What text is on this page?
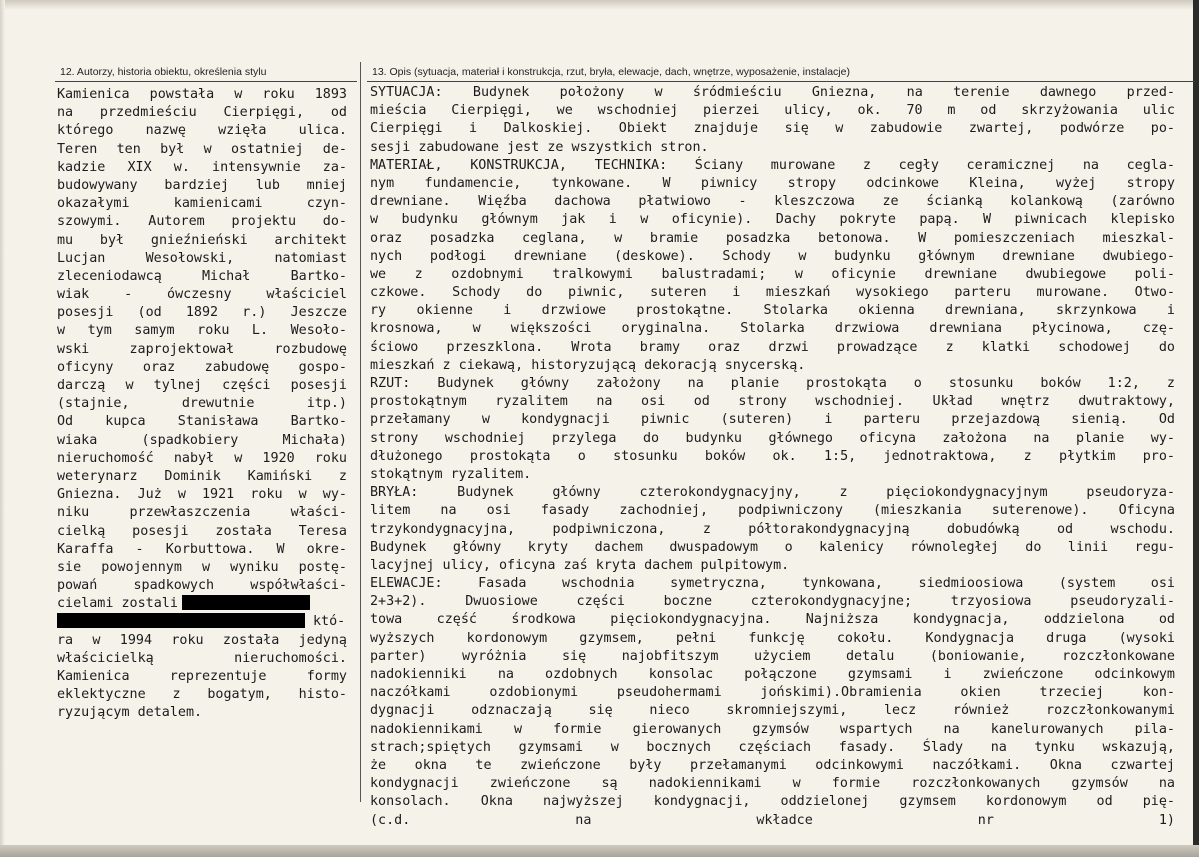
12. Autorzy, historia obiektu, określenia stylu	13. Opis (sytuacja, materiał i konstrukcja, rzut, bryła, elewacje, dach, wnętrze, wyposażenie, instalacje)
Kamienica powstała w roku 1893
na przedmieściu Cierpięgi, od
którego nazwę wzięła ulica.
Teren ten był w ostatniej de-
kadzie XIX w. intensywnie za-
budowywany bardziej lub mniej
okazałymi kamienicami czyn-
szowymi. Autorem projektu do-
mu był gnieźnieński architekt
Lucjan Wesołowski, natomiast
zleceniodawcą Michał Bartko-
wiak - ówczesny właściciel
posesji (od 1892 r.) Jeszcze
w tym samym roku L. Wesoło-
wski zaprojektował rozbudowę
oficyny oraz zabudowę gospo-
darczą w tylnej części posesji
(stajnie, drewutnie itp.)
Od kupca Stanisława Bartko-
wiaka (spadkobiery Michała)
nieruchomość nabył w 1920 roku
weterynarz Dominik Kamiński z
Gniezna. Już w 1921 roku w wy-
niku przewłaszczenia właści-
cielką posesji została Teresa
Karaffa - Korbuttowa. W okre-
sie powojennym w wyniku postę-
powań spadkowych współwłaści-
cielami zostali
któ-
ra w 1994 roku została jedyną
właścicielką nieruchomości.
Kamienica reprezentuje formy
eklektyczne z bogatym, histo-
ryzującym detalem.
SYTUACJA: Budynek położony w śródmieściu Gniezna, na terenie dawnego przed-
mieścia Cierpięgi, we wschodniej pierzei ulicy, ok. 70 m od skrzyżowania ulic
Cierpięgi i Dalkoskiej. Obiekt znajduje się w zabudowie zwartej, podwórze po-
sesji zabudowane jest ze wszystkich stron.
MATERIAŁ, KONSTRUKCJA, TECHNIKA: Ściany murowane z cegły ceramicznej na cegla-
nym fundamencie, tynkowane. W piwnicy stropy odcinkowe Kleina, wyżej stropy
drewniane. Więźba dachowa płatwiowo - kleszczowa ze ścianką kolankową (zarówno
w budynku głównym jak i w oficynie). Dachy pokryte papą. W piwnicach klepisko
oraz posadzka ceglana, w bramie posadzka betonowa. W pomieszczeniach mieszkal-
nych podłogi drewniane (deskowe). Schody w budynku głównym drewniane dwubiego-
we z ozdobnymi tralkowymi balustradami; w oficynie drewniane dwubiegowe poli-
czkowe. Schody do piwnic, suteren i mieszkań wysokiego parteru murowane. Otwo-
ry okienne i drzwiowe prostokątne. Stolarka okienna drewniana, skrzynkowa i
krosnowa, w większości oryginalna. Stolarka drzwiowa drewniana płycinowa, czę-
ściowo przeszklona. Wrota bramy oraz drzwi prowadzące z klatki schodowej do
mieszkań z ciekawą, historyzującą dekoracją snycerską.
RZUT: Budynek główny założony na planie prostokąta o stosunku boków 1:2, z
prostokątnym ryzalitem na osi od strony wschodniej. Układ wnętrz dwutraktowy,
przełamany w kondygnacji piwnic (suteren) i parteru przejazdową sienią. Od
strony wschodniej przylega do budynku głównego oficyna założona na planie wy-
dłużonego prostokąta o stosunku boków ok. 1:5, jednotraktowa, z płytkim pro-
stokątnym ryzalitem.
BRYŁA: Budynek główny czterokondygnacyjny, z pięciokondygnacyjnym pseudoryza-
litem na osi fasady zachodniej, podpiwniczony (mieszkania suterenowe). Oficyna
trzykondygnacyjna, podpiwniczona, z półtorakondygnacyjną dobudówką od wschodu.
Budynek główny kryty dachem dwuspadowym o kalenicy równoległej do linii regu-
lacyjnej ulicy, oficyna zaś kryta dachem pulpitowym.
ELEWACJE: Fasada wschodnia symetryczna, tynkowana, siedmioosiowa (system osi
2+3+2). Dwuosiowe części boczne czterokondygnacyjne; trzyosiowa pseudoryzali-
towa część środkowa pięciokondygnacyjna. Najniższa kondygnacja, oddzielona od
wyższych kordonowym gzymsem, pełni funkcję cokołu. Kondygnacja druga (wysoki
parter) wyróżnia się najobfitszym użyciem detalu (boniowanie, rozczłonkowane
nadokienniki na ozdobnych konsolac połączone gzymsami i zwieńczone odcinkowym
naczółkami ozdobionymi pseudohermami jońskimi).Obramienia okien trzeciej kon-
dygnacji odznaczają się nieco skromniejszymi, lecz również rozczłonkowanymi
nadokiennikami w formie gierowanych gzymsów wspartych na kanelurowanych pila-
strach;spiętych gzymsami w bocznych częściach fasady. Ślady na tynku wskazują,
że okna te zwieńczone były przełamanymi odcinkowymi naczółkami. Okna czwartej
kondygnacji zwieńczone są nadokiennikami w formie rozczłonkowanych gzymsów na
konsolach. Okna najwyższej kondygnacji, oddzielonej gzymsem kordonowym od pię-
(c.d. na wkładce nr 1)
